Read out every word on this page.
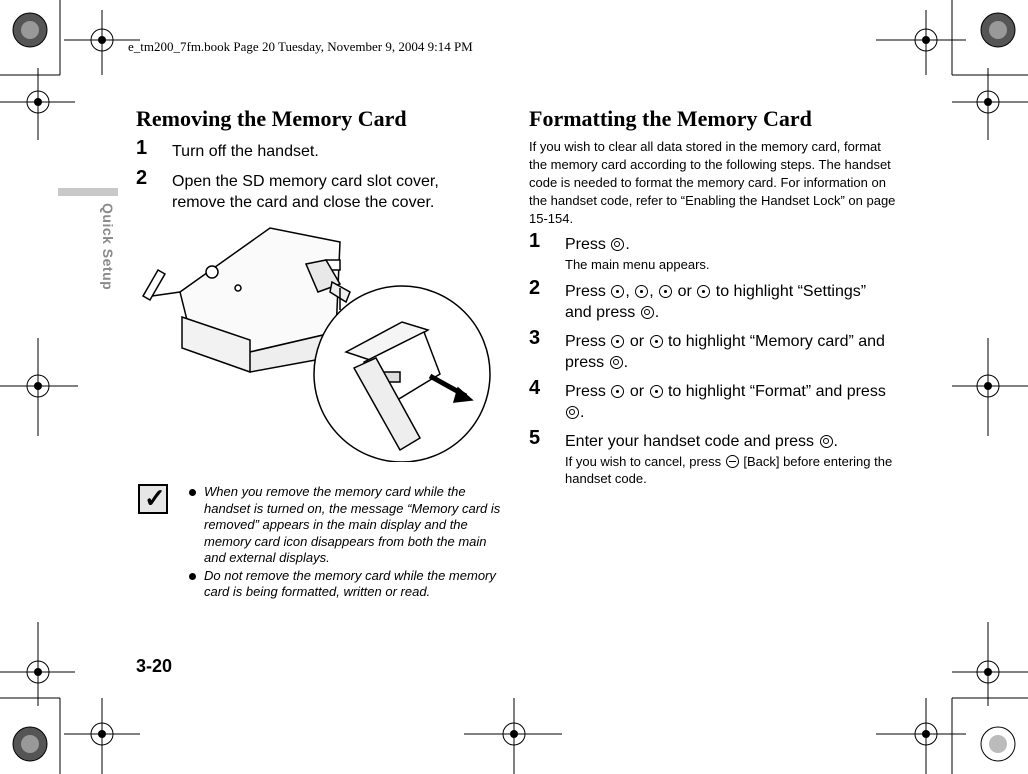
e_tm200_7fm.book Page 20 Tuesday, November 9, 2004 9:14 PM
Quick Setup
Removing the Memory Card
1 Turn off the handset.
2 Open the SD memory card slot cover, remove the card and close the cover.
✓	When you remove the memory card while the handset is turned on, the message “Memory card is removed” appears in the main display and the memory card icon disappears from both the main and external displays.
Do not remove the memory card while the memory card is being formatted, written or read.
Formatting the Memory Card
If you wish to clear all data stored in the memory card, format the memory card according to the following steps. The handset code is needed to format the memory card. For information on the handset code, refer to “Enabling the Handset Lock” on page 15-154.
1 Press .
The main menu appears.
2 Press , , or to highlight “Settings” and press .
3 Press or to highlight “Memory card” and press .
4 Press or to highlight “Format” and press .
5 Enter your handset code and press .
If you wish to cancel, press [Back] before entering the handset code.
3-20
